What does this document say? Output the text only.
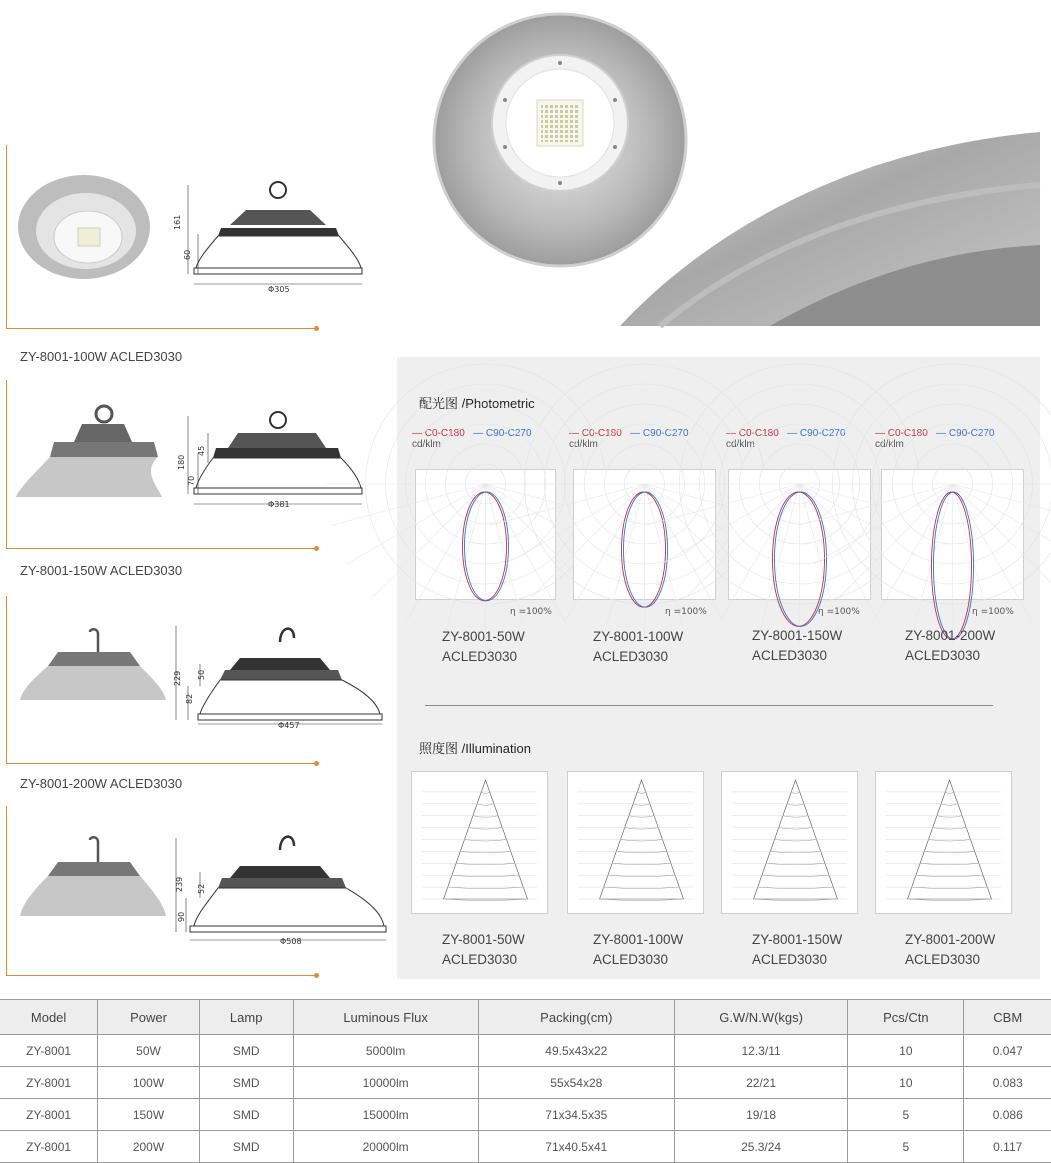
161
60
Φ305
ZY-8001-100W ACLED3030
180
70
45
Φ381
ZY-8001-150W ACLED3030
229
82
50
Φ457
ZY-8001-200W ACLED3030
239
90
52
Φ508
配光图 /Photometric
— C0-C180 — C90-C270
cd/klm
— C0-C180 — C90-C270
cd/klm
— C0-C180 — C90-C270
cd/klm
— C0-C180 — C90-C270
cd/klm
η =100%	η =100%	η =100%	η =100%
ZY-8001-50W
ACLED3030
ZY-8001-100W
ACLED3030
ZY-8001-150W
ACLED3030
ZY-8001-200W
ACLED3030
照度图 /Illumination
ZY-8001-50W
ACLED3030
ZY-8001-100W
ACLED3030
ZY-8001-150W
ACLED3030
ZY-8001-200W
ACLED3030
Model	Power	Lamp	Luminous Flux	Packing(cm)	G.W/N.W(kgs)	Pcs/Ctn	CBM
ZY-8001	50W	SMD	5000lm	49.5x43x22	12.3/11	10	0.047
ZY-8001	100W	SMD	10000lm	55x54x28	22/21	10	0.083
ZY-8001	150W	SMD	15000lm	71x34.5x35	19/18	5	0.086
ZY-8001	200W	SMD	20000lm	71x40.5x41	25.3/24	5	0.117
